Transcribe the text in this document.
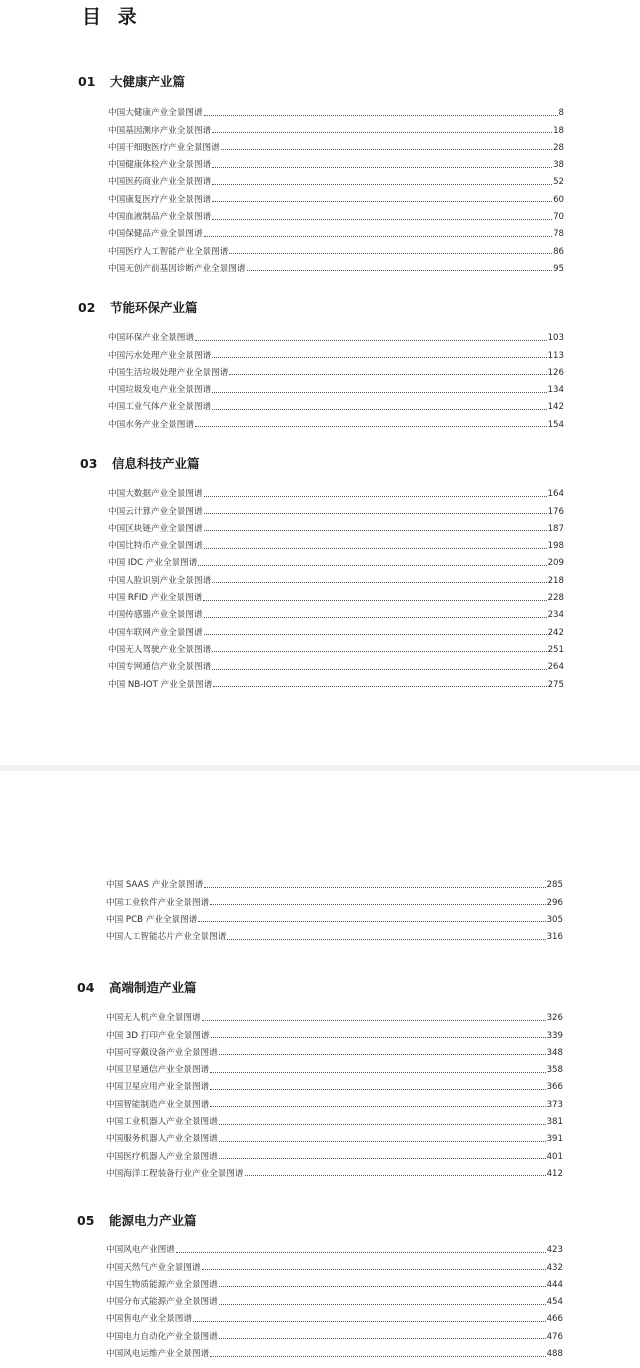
目 录
01 大健康产业篇
中国大健康产业全景图谱	8
中国基因测序产业全景图谱	18
中国干细胞医疗产业全景图谱	28
中国健康体检产业全景图谱	38
中国医药商业产业全景图谱	52
中国康复医疗产业全景图谱	60
中国血液制品产业全景图谱	70
中国保健品产业全景图谱	78
中国医疗人工智能产业全景图谱	86
中国无创产前基因诊断产业全景图谱	95
02 节能环保产业篇
中国环保产业全景图谱	103
中国污水处理产业全景图谱	113
中国生活垃圾处理产业全景图谱	126
中国垃圾发电产业全景图谱	134
中国工业气体产业全景图谱	142
中国水务产业全景图谱	154
03 信息科技产业篇
中国大数据产业全景图谱	164
中国云计算产业全景图谱	176
中国区块链产业全景图谱	187
中国比特币产业全景图谱	198
中国 IDC 产业全景图谱	209
中国人脸识别产业全景图谱	218
中国 RFID 产业全景图谱	228
中国传感器产业全景图谱	234
中国车联网产业全景图谱	242
中国无人驾驶产业全景图谱	251
中国专网通信产业全景图谱	264
中国 NB-IOT 产业全景图谱	275
中国 SAAS 产业全景图谱	285
中国工业软件产业全景图谱	296
中国 PCB 产业全景图谱	305
中国人工智能芯片产业全景图谱	316
04 高端制造产业篇
中国无人机产业全景图谱	326
中国 3D 打印产业全景图谱	339
中国可穿戴设备产业全景图谱	348
中国卫星通信产业全景图谱	358
中国卫星应用产业全景图谱	366
中国智能制造产业全景图谱	373
中国工业机器人产业全景图谱	381
中国服务机器人产业全景图谱	391
中国医疗机器人产业全景图谱	401
中国海洋工程装备行业产业全景图谱	412
05 能源电力产业篇
中国风电产业图谱	423
中国天然气产业全景图谱	432
中国生物质能源产业全景图谱	444
中国分布式能源产业全景图谱	454
中国售电产业全景图谱	466
中国电力自动化产业全景图谱	476
中国风电运维产业全景图谱	488
